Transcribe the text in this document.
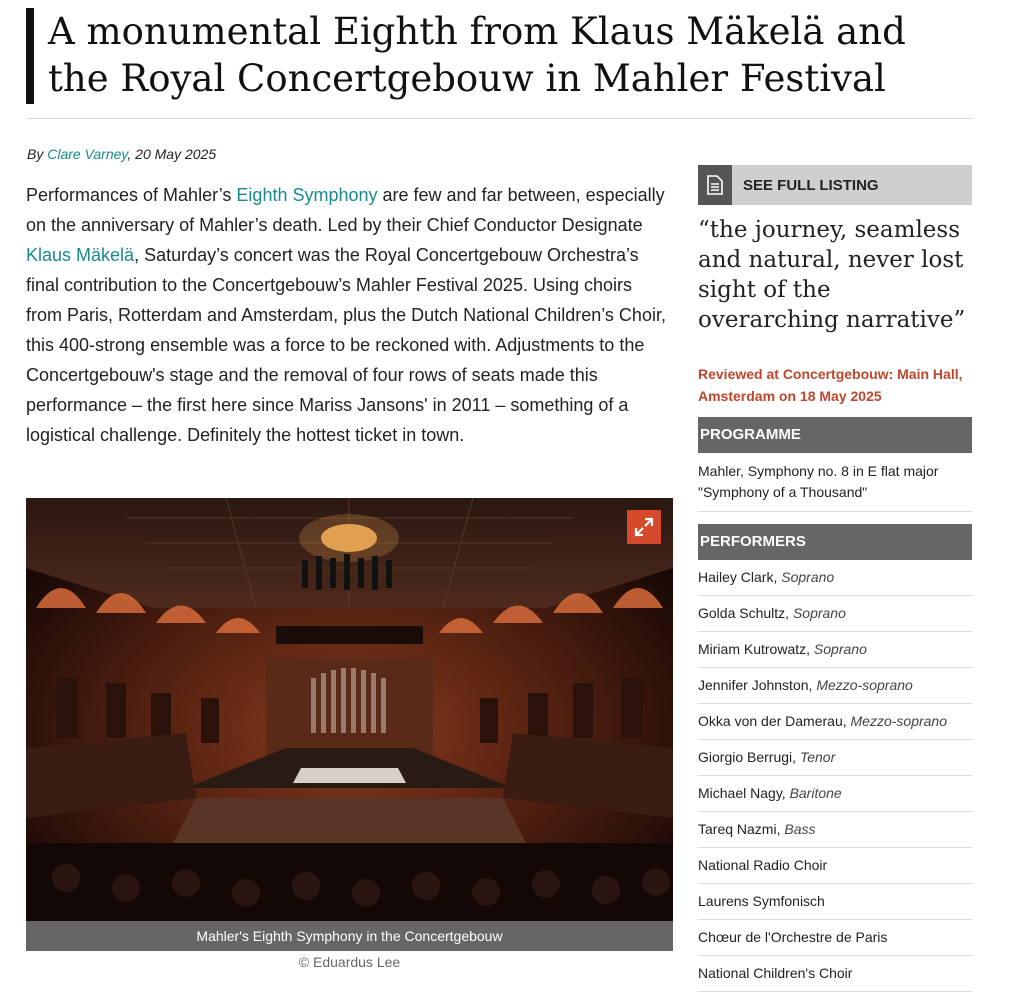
A monumental Eighth from Klaus Mäkelä and the Royal Concertgebouw in Mahler Festival
By Clare Varney, 20 May 2025

Performances of Mahler’s Eighth Symphony are few and far between, especially on the anniversary of Mahler’s death. Led by their Chief Conductor Designate Klaus Mäkelä, Saturday’s concert was the Royal Concertgebouw Orchestra’s final contribution to the Concertgebouw’s Mahler Festival 2025. Using choirs from Paris, Rotterdam and Amsterdam, plus the Dutch National Children’s Choir, this 400-strong ensemble was a force to be reckoned with. Adjustments to the Concertgebouw's stage and the removal of four rows of seats made this performance – the first here since Mariss Jansons' in 2011 – something of a logistical challenge. Definitely the hottest ticket in town.

Mahler's Eighth Symphony in the Concertgebouw
© Eduardus Lee
SEE FULL LISTING

“the journey, seamless and natural, never lost sight of the overarching narrative”

Reviewed at Concertgebouw: Main Hall, Amsterdam on 18 May 2025
PROGRAMME
Mahler, Symphony no. 8 in E flat major "Symphony of a Thousand"
PERFORMERS
Hailey Clark, Soprano
Golda Schultz, Soprano
Miriam Kutrowatz, Soprano
Jennifer Johnston, Mezzo-soprano
Okka von der Damerau, Mezzo-soprano
Giorgio Berrugi, Tenor
Michael Nagy, Baritone
Tareq Nazmi, Bass
National Radio Choir
Laurens Symfonisch
Chœur de l'Orchestre de Paris
National Children's Choir
